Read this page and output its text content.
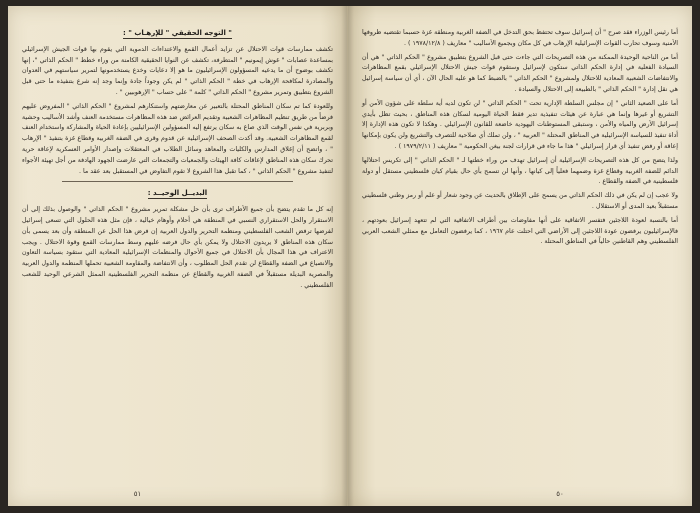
" التوجه الحقيقي " للإرهـاب " :

تكشف ممارسات قوات الاحتلال عن تزايد أعمال القمع والاعتداءات الدموية التي يقوم بها قوات الجيش الإسرائيلي بمساعدة عصابات " غوش إيمونيم " المتطرفة، تكشف عن النوايا الحقيقية الكامنة من وراء خطط " الحكم الذاتي "، إنها تكشف بوضوح أن ما يدعيه المسؤولون الإسرائيليون ما هو إلا دعايات وخدع يستخدمونها لتمرير سياستهم في العدوان والمصادرة لمكافحة الإرهاب في خطة " الحكم الذاتي " لم يكن وجوداً جادة وإنما وجد إنه شرع بتنفيذه ما حتى قبل الشروع بتطبيق وتمرير مشروع " الحكم الذاتي " كلمة " على حساب " الإرهوبيين " .

وللعودة كما تم سكان المناطق المحتلة بالتعبير عن معارضتهم واستنكارهم لمشروع " الحكم الذاتي " المفروض عليهم فرضاً من طريق تنظيم المظاهرات الشعبية وتقديم العرائض ضد هذه المظاهرات مستخدمة العنف وأشد الأساليب وحشية وبربرية في نفس الوقت الذي صاغ به سكان يرتفع إليه المسؤولين الإسرائيليين بإعادة الحياة والمشاركة واستخدام العنف لقمع المظاهرات الشعبية. وقد أكدت الصحف الإسرائيلية عن قدوم وقرى في الضفة الغربية وقطاع غزة بتنفيذ " الإرهاب " ، واتضح أن إغلاق المدارس والكليات والمعاهد وسائل الطلاب في المعتقلات وإصدار الأوامر العسكرية لإعاقة حرية تحرك سكان هذه المناطق لإعاقات كافة الهيئات والجمعيات والتجمعات التي عارضت الجهود الهادفة من أجل تهيئة الأجواء لتنفيذ مشروع " الحكم الذاتي " ، كما تقبل هذا الشروع لا تقوم التفاوض في المستقبل بعد عقد ما .

البديــل الوحيــد :

إنه كل ما تقدم يتضح بأن جميع الأطراف ترى بأن حل مشكلة تمرير مشروع " الحكم الذاتي " والوصول بذلك إلى أن الاستقرار والحل الاستقراري النسبي في المنطقة هي أحلام وأوهام خيالية ، فإن مثل هذه الحلول التي تسعى إسرائيل لفرضها ترفض الشعب الفلسطيني ومنظمة التحرير والدول العربية إن فرض هذا الحل عن المنطقة وأن بعد يسمى بأن سكان هذه المناطق لا يريدون الاحتلال ولا يمكن بأي حال فرضه عليهم وسط ممارسات القمع وقوة الاحتلال . ويجب الاعتراف في هذا المجال بأن الاحتلال في جميع الأحوال والمنظمات الإسرائيلية المعادية التي ستقود بسياسة التعاون والانصياع في الضفة والقطاع لن تقدم الحل المطلوب ، وأن الانتفاضة والمقاومة الشعبية تحملها المنظمة والدول العربية والمصرية البديلة مستقبلاً في الضفة الغربية والقطاع عن منظمة التحرير الفلسطينية الممثل الشرعي الوحيد للشعب الفلسطيني .

٥١

أما رئيس الوزراء فقد صرح " أن إسرائيل سوف تحتفظ بحق التدخل في الضفة الغربية ومنطقة غزة حسبما تقتضيه ظروفها الأمنية وسوف تحارب القوات الإسرائيلية الإرهاب في كل مكان وبجميع الأساليب " معاريف ( ١٩٧٨/١٢/٨ ) .

أما من الناحية الوحيدة الممكنة من هذه التصريحات التي جاءت حتى قبل الشروع بتطبيق مشروع " الحكم الذاتي " هي أن السيادة الفعلية في إدارة الحكم الذاتي ستكون لإسرائيل وستقوم قوات جيش الاحتلال الإسرائيلي بقمع المظاهرات والانتفاضات الشعبية المعادية للاحتلال ولمشروع " الحكم الذاتي " بالضبط كما هو عليه الحال الآن ، أي أن سياسة إسرائيل هي نقل إدارة " الحكم الذاتي " بالطبيعة إلى الاحتلال والسيادة .

أما على الصعيد الثاني " إن مجلس السلطة الإدارية تحت " الحكم الذاتي " لن تكون لديه أية سلطة على شؤون الأمن أو التشريع أو غيرها وإنما هي عبارة عن هيئات تنفيذية تدير فقط الحياة اليومية لسكان هذه المناطق ، بحيث تظل بأيدي إسرائيل الأرض والمياه والأمن ، وستبقى المستوطنات اليهودية خاضعة للقانون الإسرائيلي . وهكذا لا تكون هذه الإدارة إلا أداة تنفيذ للسياسة الإسرائيلية في المناطق المحتلة " العربية " ، ولن تملك أي صلاحية للتصرف والتشريع ولن يكون بإمكانها إعاقة أو رفض تنفيذ أي قرار إسرائيلي " هذا ما جاء في قرارات لجنة بيغن الحكومية " معاريف ( ١٩٧٩/٢/١١ ) .

ولذا يتضح من كل هذه التصريحات الإسرائيلية أن إسرائيل تهدف من وراء خطتها لـ " الحكم الذاتي " إلى تكريس احتلالها الدائم للضفة الغربية وقطاع غزة وضمهما فعلياً إلى كيانها ، وأنها لن تسمح بأي حال بقيام كيان فلسطيني مستقل أو دولة فلسطينية في الضفة والقطاع .

ولا عجب إن لم يكن في ذلك الحكم الذاتي من يسمح على الإطلاق بالحديث عن وجود شعار أو علم أو رمز وطني فلسطيني مستقبلاً بعيد المدى أو الاستقلال .

أما بالنسبة لعودة اللاجئين فتفسر الاتفاقية على أنها مفاوضات بين أطراف الاتفاقية التي لم تتعهد إسرائيل بعودتهم ، فالإسرائيليون يرفضون عودة اللاجئين إلى الأراضي التي احتلت عام ١٩٦٧ ، كما يرفضون التعامل مع ممثلي الشعب العربي الفلسطيني وهم القاطنين حالياً في المناطق المحتلة .

٥٠
